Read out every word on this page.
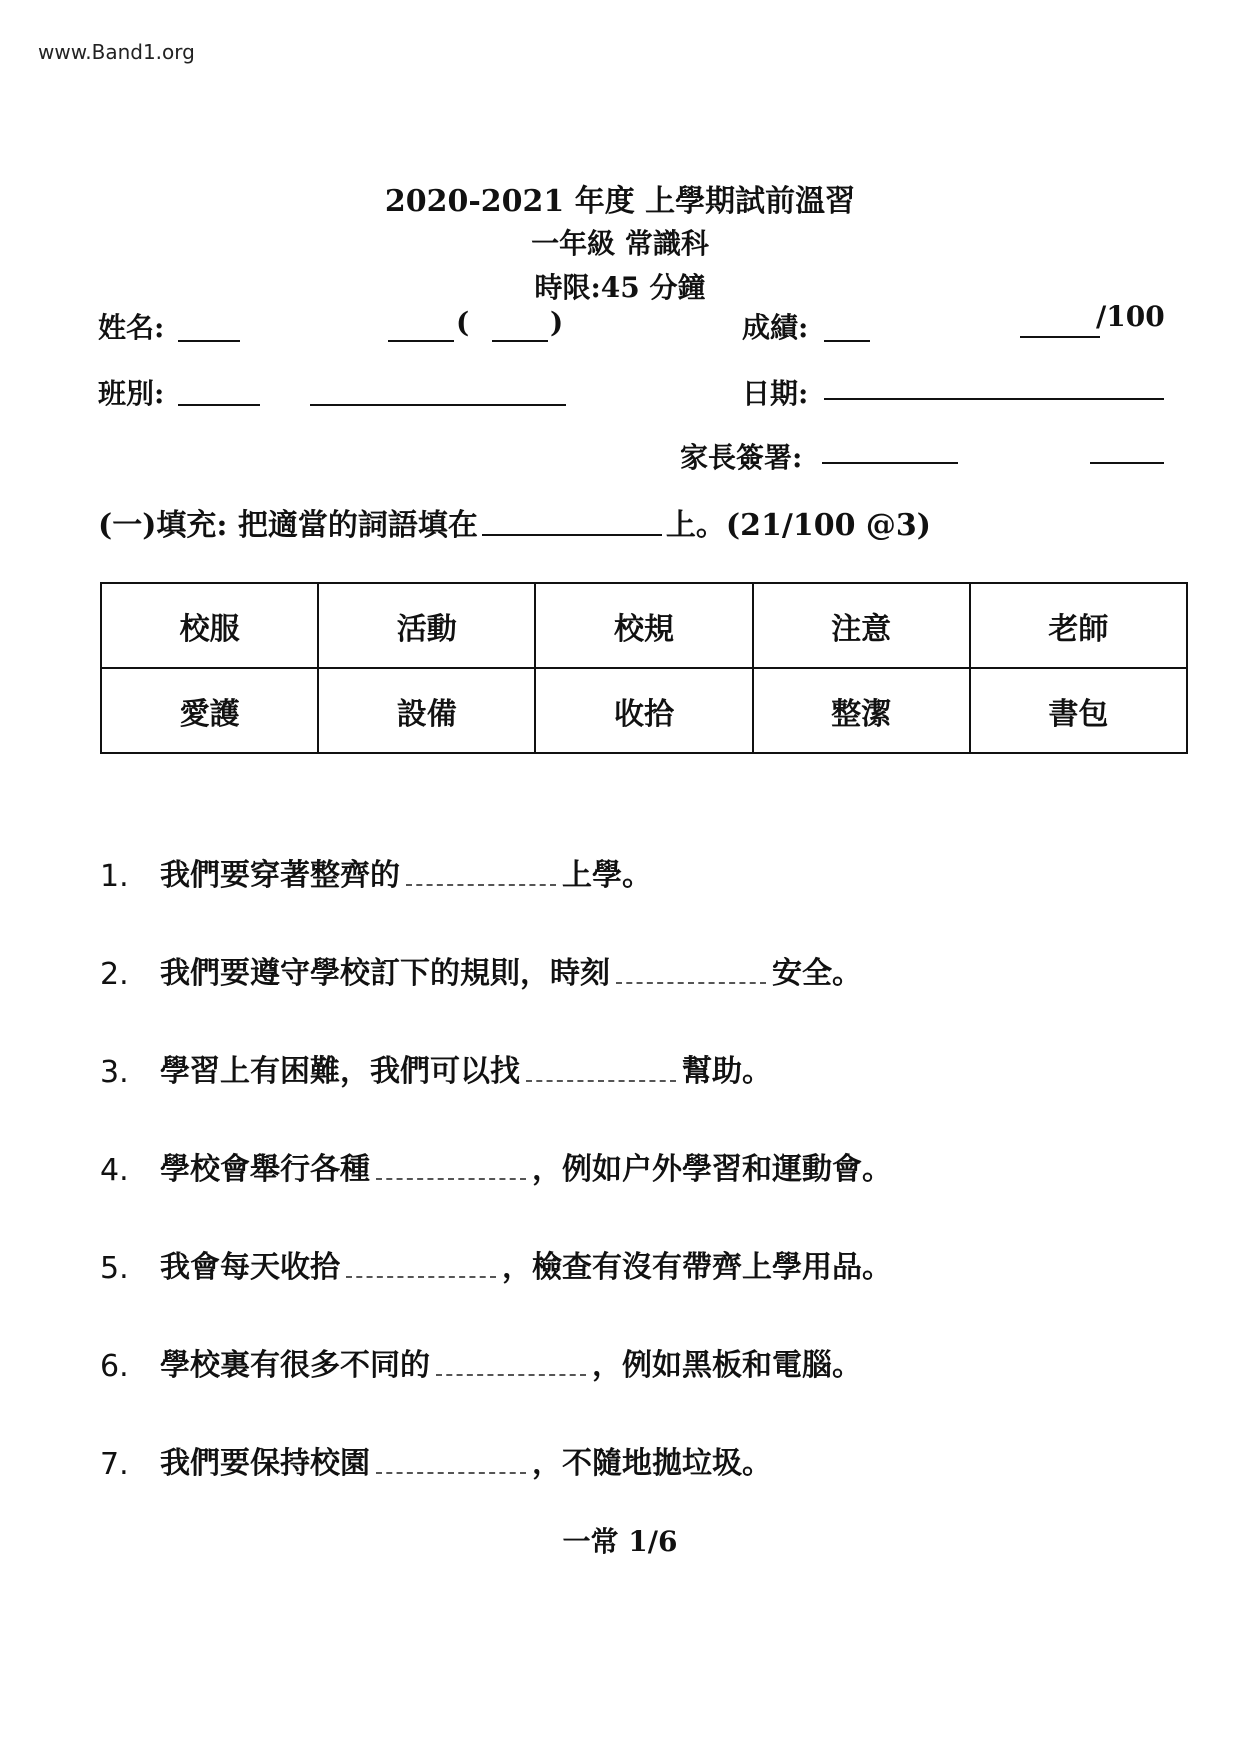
www.Band1.org
2020-2021 年度 上學期試前溫習
一年級 常識科
時限:45 分鐘
姓名:	(	)	成績:	/100
班別:	日期:
家長簽署:
(一)填充: 把適當的詞語填在	上。(21/100 @3)
校服	活動	校規	注意	老師
愛護	設備	收拾	整潔	書包
1.	我們要穿著整齊的	上學。
2.	我們要遵守學校訂下的規則，時刻	安全。
3.	學習上有困難，我們可以找	幫助。
4.	學校會舉行各種	，例如户外學習和運動會。
5.	我會每天收拾	，檢查有沒有帶齊上學用品。
6.	學校裏有很多不同的	，例如黑板和電腦。
7.	我們要保持校園	，不隨地拋垃圾。
一常 1/6
